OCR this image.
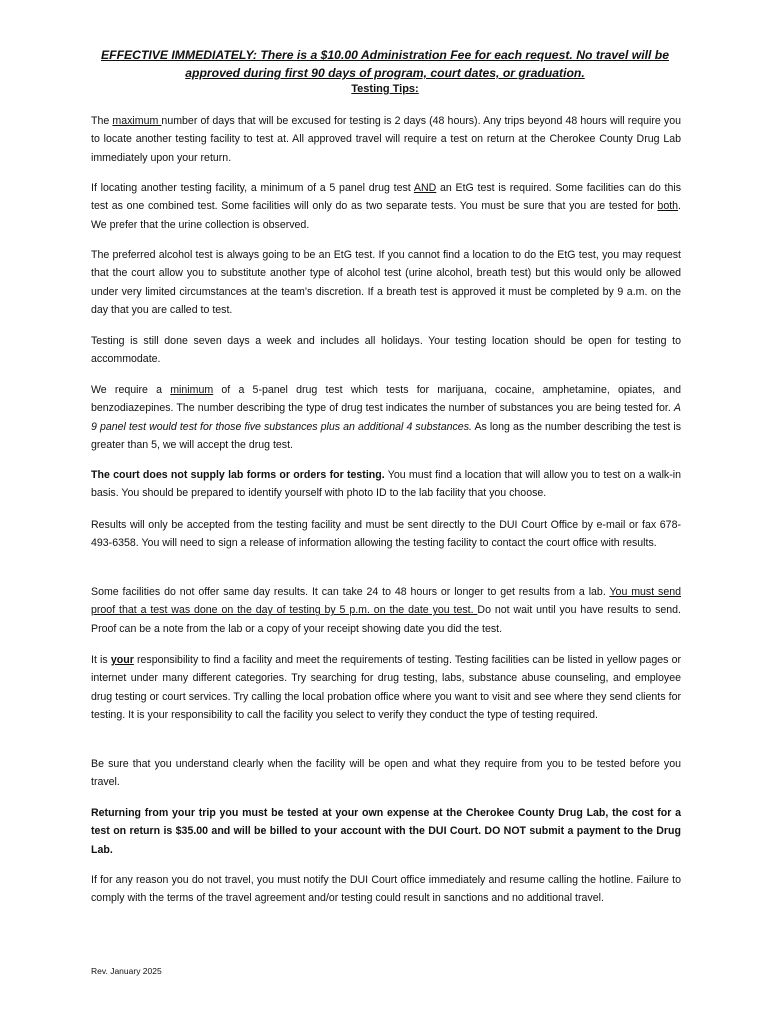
EFFECTIVE IMMEDIATELY: There is a $10.00 Administration Fee for each request. No travel will be approved during first 90 days of program, court dates, or graduation.
Testing Tips:
The maximum number of days that will be excused for testing is 2 days (48 hours). Any trips beyond 48 hours will require you to locate another testing facility to test at. All approved travel will require a test on return at the Cherokee County Drug Lab immediately upon your return.
If locating another testing facility, a minimum of a 5 panel drug test AND an EtG test is required. Some facilities can do this test as one combined test. Some facilities will only do as two separate tests. You must be sure that you are tested for both. We prefer that the urine collection is observed.
The preferred alcohol test is always going to be an EtG test. If you cannot find a location to do the EtG test, you may request that the court allow you to substitute another type of alcohol test (urine alcohol, breath test) but this would only be allowed under very limited circumstances at the team’s discretion. If a breath test is approved it must be completed by 9 a.m. on the day that you are called to test.
Testing is still done seven days a week and includes all holidays. Your testing location should be open for testing to accommodate.
We require a minimum of a 5-panel drug test which tests for marijuana, cocaine, amphetamine, opiates, and benzodiazepines. The number describing the type of drug test indicates the number of substances you are being tested for. A 9 panel test would test for those five substances plus an additional 4 substances. As long as the number describing the test is greater than 5, we will accept the drug test.
The court does not supply lab forms or orders for testing. You must find a location that will allow you to test on a walk-in basis. You should be prepared to identify yourself with photo ID to the lab facility that you choose.
Results will only be accepted from the testing facility and must be sent directly to the DUI Court Office by e-mail or fax 678-493-6358. You will need to sign a release of information allowing the testing facility to contact the court office with results.
Some facilities do not offer same day results. It can take 24 to 48 hours or longer to get results from a lab. You must send proof that a test was done on the day of testing by 5 p.m. on the date you test. Do not wait until you have results to send. Proof can be a note from the lab or a copy of your receipt showing date you did the test.
It is your responsibility to find a facility and meet the requirements of testing. Testing facilities can be listed in yellow pages or internet under many different categories. Try searching for drug testing, labs, substance abuse counseling, and employee drug testing or court services. Try calling the local probation office where you want to visit and see where they send clients for testing. It is your responsibility to call the facility you select to verify they conduct the type of testing required.
Be sure that you understand clearly when the facility will be open and what they require from you to be tested before you travel.
Returning from your trip you must be tested at your own expense at the Cherokee County Drug Lab, the cost for a test on return is $35.00 and will be billed to your account with the DUI Court. DO NOT submit a payment to the Drug Lab.
If for any reason you do not travel, you must notify the DUI Court office immediately and resume calling the hotline. Failure to comply with the terms of the travel agreement and/or testing could result in sanctions and no additional travel.
Rev. January 2025
